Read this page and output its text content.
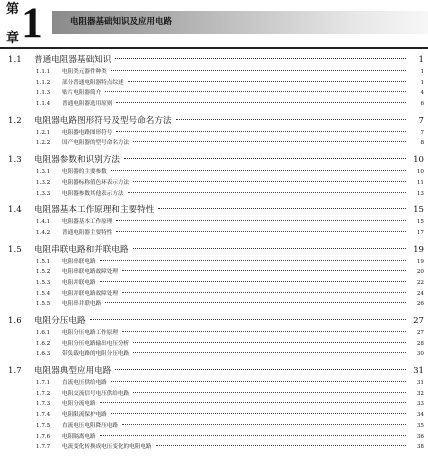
第 1
章
电阻器基础知识及应用电路
1.1	普通电阻器基础知识	1
1.1.1	电阻类元器件种类	1
1.1.2	部分普通电阻器特点综述	1
1.1.3	贴片电阻器简介	4
1.1.4	普通电阻器选用原则	6
1.2	电阻器电路图形符号及型号命名方法	7
1.2.1	电阻器电路图形符号	7
1.2.2	国产电阻器的型号命名方法	8
1.3	电阻器参数和识别方法	10
1.3.1	电阻器的主要参数	10
1.3.2	电阻器标称值色环表示方法	11
1.3.3	电阻器参数其他表示方法	13
1.4	电阻器基本工作原理和主要特性	15
1.4.1	电阻器基本工作原理	15
1.4.2	普通电阻器主要特性	17
1.5	电阻串联电路和并联电路	19
1.5.1	电阻串联电路	19
1.5.2	电阻串联电路故障处理	20
1.5.3	电阻并联电路	22
1.5.4	电阻并联电路故障处理	24
1.5.5	电阻串并联电路	26
1.6	电阻分压电路	27
1.6.1	电阻分压电路工作原理	27
1.6.2	电阻分压电路输出电压分析	28
1.6.3	带负载电路的电阻分压电路	30
1.7	电阻器典型应用电路	31
1.7.1	直流电压供给电路	31
1.7.2	电阻交流信号电压供给电路	32
1.7.3	电阻分流电路	33
1.7.4	电阻限流保护电路	34
1.7.5	直流电压电阻降压电路	35
1.7.6	电阻隔离电路	36
1.7.7	电流变化转换成电压变化的电阻电路	38
